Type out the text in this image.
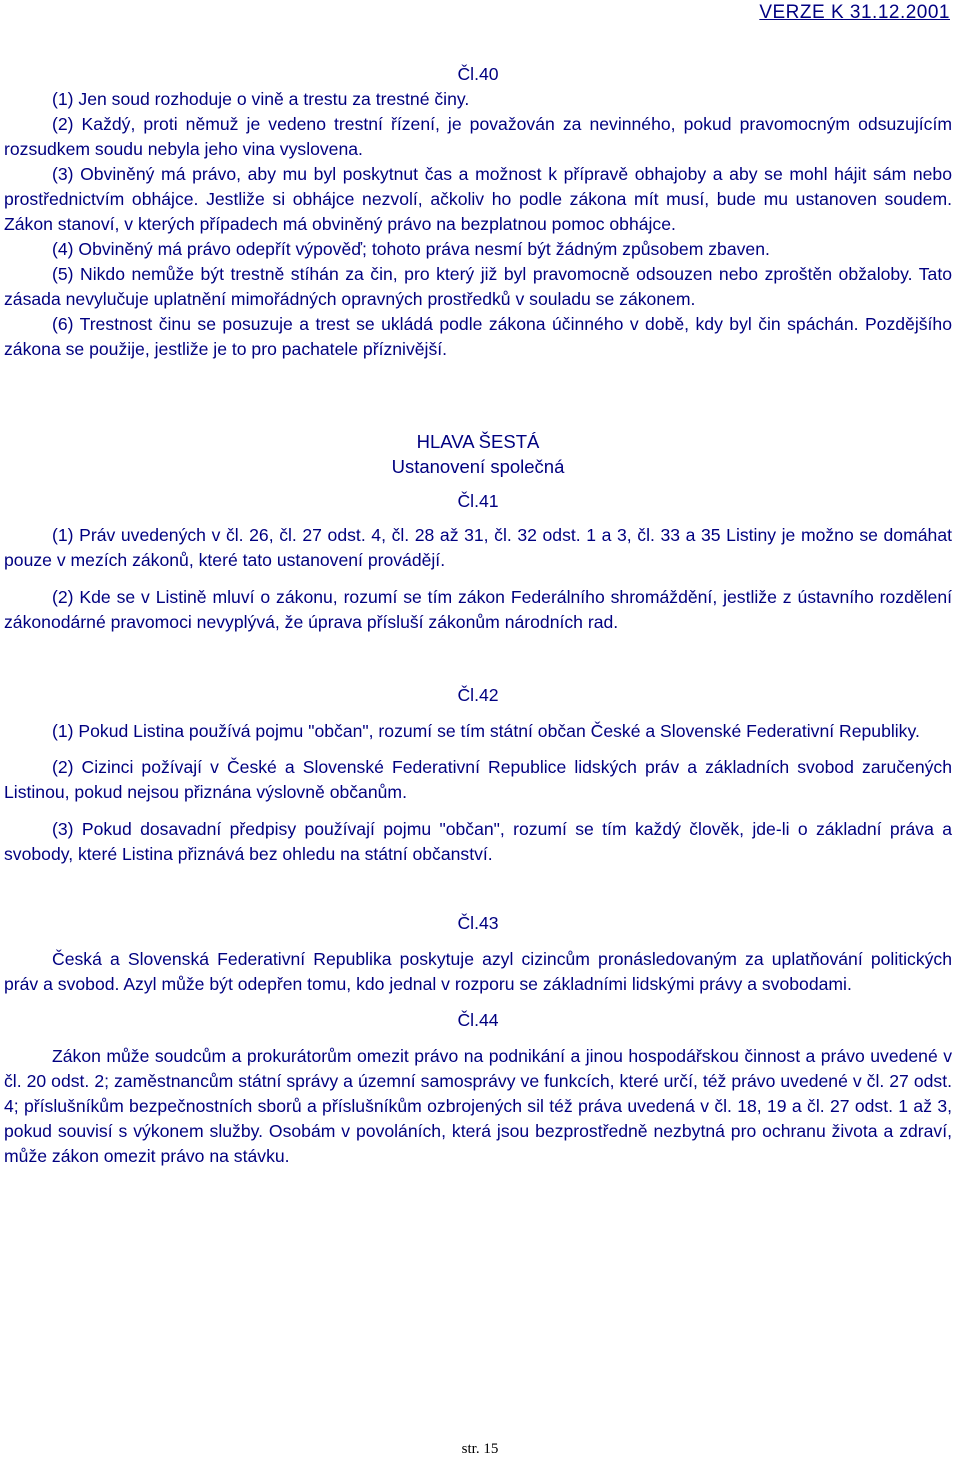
VERZE K 31.12.2001
Čl.40

(1) Jen soud rozhoduje o vině a trestu za trestné činy.

(2) Každý, proti němuž je vedeno trestní řízení, je považován za nevinného, pokud pravomocným odsuzujícím rozsudkem soudu nebyla jeho vina vyslovena.

(3) Obviněný má právo, aby mu byl poskytnut čas a možnost k přípravě obhajoby a aby se mohl hájit sám nebo prostřednictvím obhájce. Jestliže si obhájce nezvolí, ačkoliv ho podle zákona mít musí, bude mu ustanoven soudem. Zákon stanoví, v kterých případech má obviněný právo na bezplatnou pomoc obhájce.

(4) Obviněný má právo odepřít výpověď; tohoto práva nesmí být žádným způsobem zbaven.

(5) Nikdo nemůže být trestně stíhán za čin, pro který již byl pravomocně odsouzen nebo zproštěn obžaloby. Tato zásada nevylučuje uplatnění mimořádných opravných prostředků v souladu se zákonem.

(6) Trestnost činu se posuzuje a trest se ukládá podle zákona účinného v době, kdy byl čin spáchán. Pozdějšího zákona se použije, jestliže je to pro pachatele příznivější.

HLAVA ŠESTÁ
Ustanovení společná
Čl.41

(1) Práv uvedených v čl. 26, čl. 27 odst. 4, čl. 28 až 31, čl. 32 odst. 1 a 3, čl. 33 a 35 Listiny je možno se domáhat pouze v mezích zákonů, které tato ustanovení provádějí.

(2) Kde se v Listině mluví o zákonu, rozumí se tím zákon Federálního shromáždění, jestliže z ústavního rozdělení zákonodárné pravomoci nevyplývá, že úprava přísluší zákonům národních rad.

Čl.42

(1) Pokud Listina používá pojmu "občan", rozumí se tím státní občan České a Slovenské Federativní Republiky.

(2) Cizinci požívají v České a Slovenské Federativní Republice lidských práv a základních svobod zaručených Listinou, pokud nejsou přiznána výslovně občanům.

(3) Pokud dosavadní předpisy používají pojmu "občan", rozumí se tím každý člověk, jde-li o základní práva a svobody, které Listina přiznává bez ohledu na státní občanství.

Čl.43

Česká a Slovenská Federativní Republika poskytuje azyl cizincům pronásledovaným za uplatňování politických práv a svobod. Azyl může být odepřen tomu, kdo jednal v rozporu se základními lidskými právy a svobodami.

Čl.44

Zákon může soudcům a prokurátorům omezit právo na podnikání a jinou hospodářskou činnost a právo uvedené v čl. 20 odst. 2; zaměstnancům státní správy a územní samosprávy ve funkcích, které určí, též právo uvedené v čl. 27 odst. 4; příslušníkům bezpečnostních sborů a příslušníkům ozbrojených sil též práva uvedená v čl. 18, 19 a čl. 27 odst. 1 až 3, pokud souvisí s výkonem služby. Osobám v povoláních, která jsou bezprostředně nezbytná pro ochranu života a zdraví, může zákon omezit právo na stávku.

str. 15
